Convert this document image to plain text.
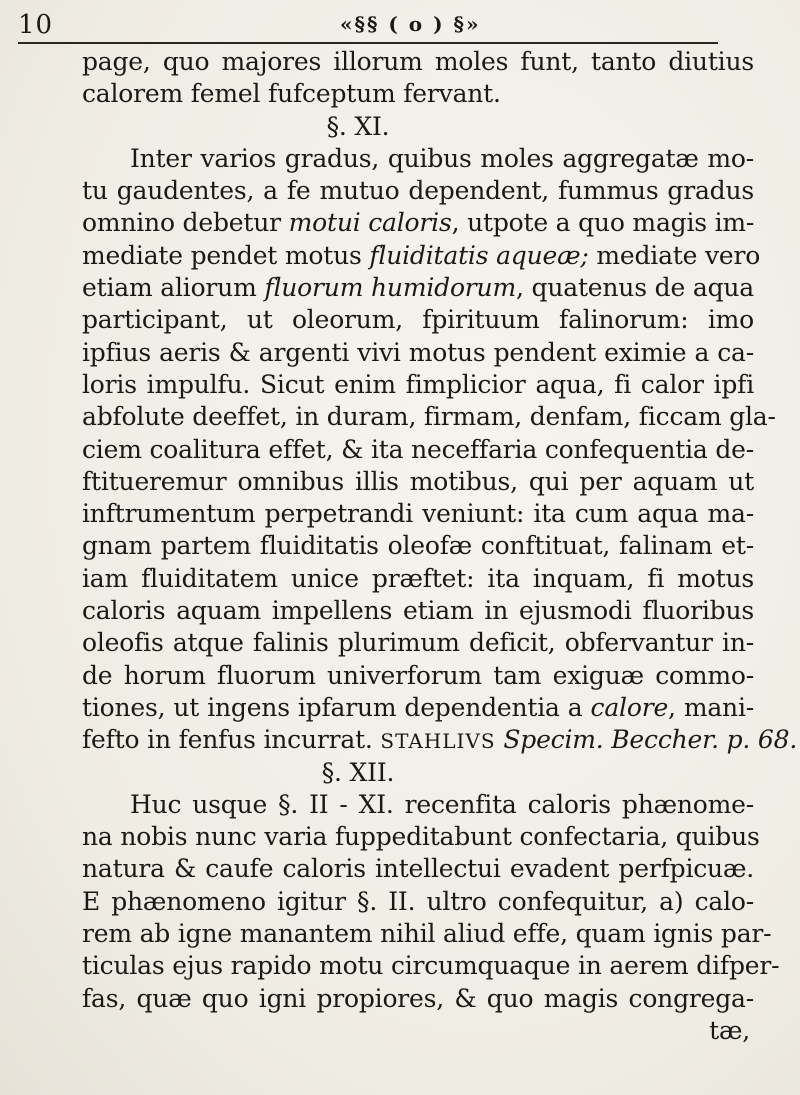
10	«§§ ( o ) §»
page, quo majores illorum moles funt, tanto diutius
calorem femel fufceptum fervant.
§. XI.
Inter varios gradus, quibus moles aggregatæ mo-
tu gaudentes, a fe mutuo dependent, fummus gradus
omnino debetur motui caloris, utpote a quo magis im-
mediate pendet motus fluiditatis aqueæ; mediate vero
etiam aliorum fluorum humidorum, quatenus de aqua
participant, ut oleorum, fpirituum falinorum: imo
ipfius aeris & argenti vivi motus pendent eximie a ca-
loris impulfu. Sicut enim fimplicior aqua, fi calor ipfi
abfolute deeffet, in duram, firmam, denfam, ficcam gla-
ciem coalitura effet, & ita neceffaria confequentia de-
ftitueremur omnibus illis motibus, qui per aquam ut
inftrumentum perpetrandi veniunt: ita cum aqua ma-
gnam partem fluiditatis oleofæ conftituat, falinam et-
iam fluiditatem unice præftet: ita inquam, fi motus
caloris aquam impellens etiam in ejusmodi fluoribus
oleofis atque falinis plurimum deficit, obfervantur in-
de horum fluorum univerforum tam exiguæ commo-
tiones, ut ingens ipfarum dependentia a calore, mani-
fefto in fenfus incurrat. STAHLIVS Specim. Beccher. p. 68.
§. XII.
Huc usque §. II - XI. recenfita caloris phænome-
na nobis nunc varia fuppeditabunt confectaria, quibus
natura & caufe caloris intellectui evadent perfpicuæ.
E phænomeno igitur §. II. ultro confequitur, a) calo-
rem ab igne manantem nihil aliud effe, quam ignis par-
ticulas ejus rapido motu circumquaque in aerem difper-
fas, quæ quo igni propiores, & quo magis congrega-
tæ,
